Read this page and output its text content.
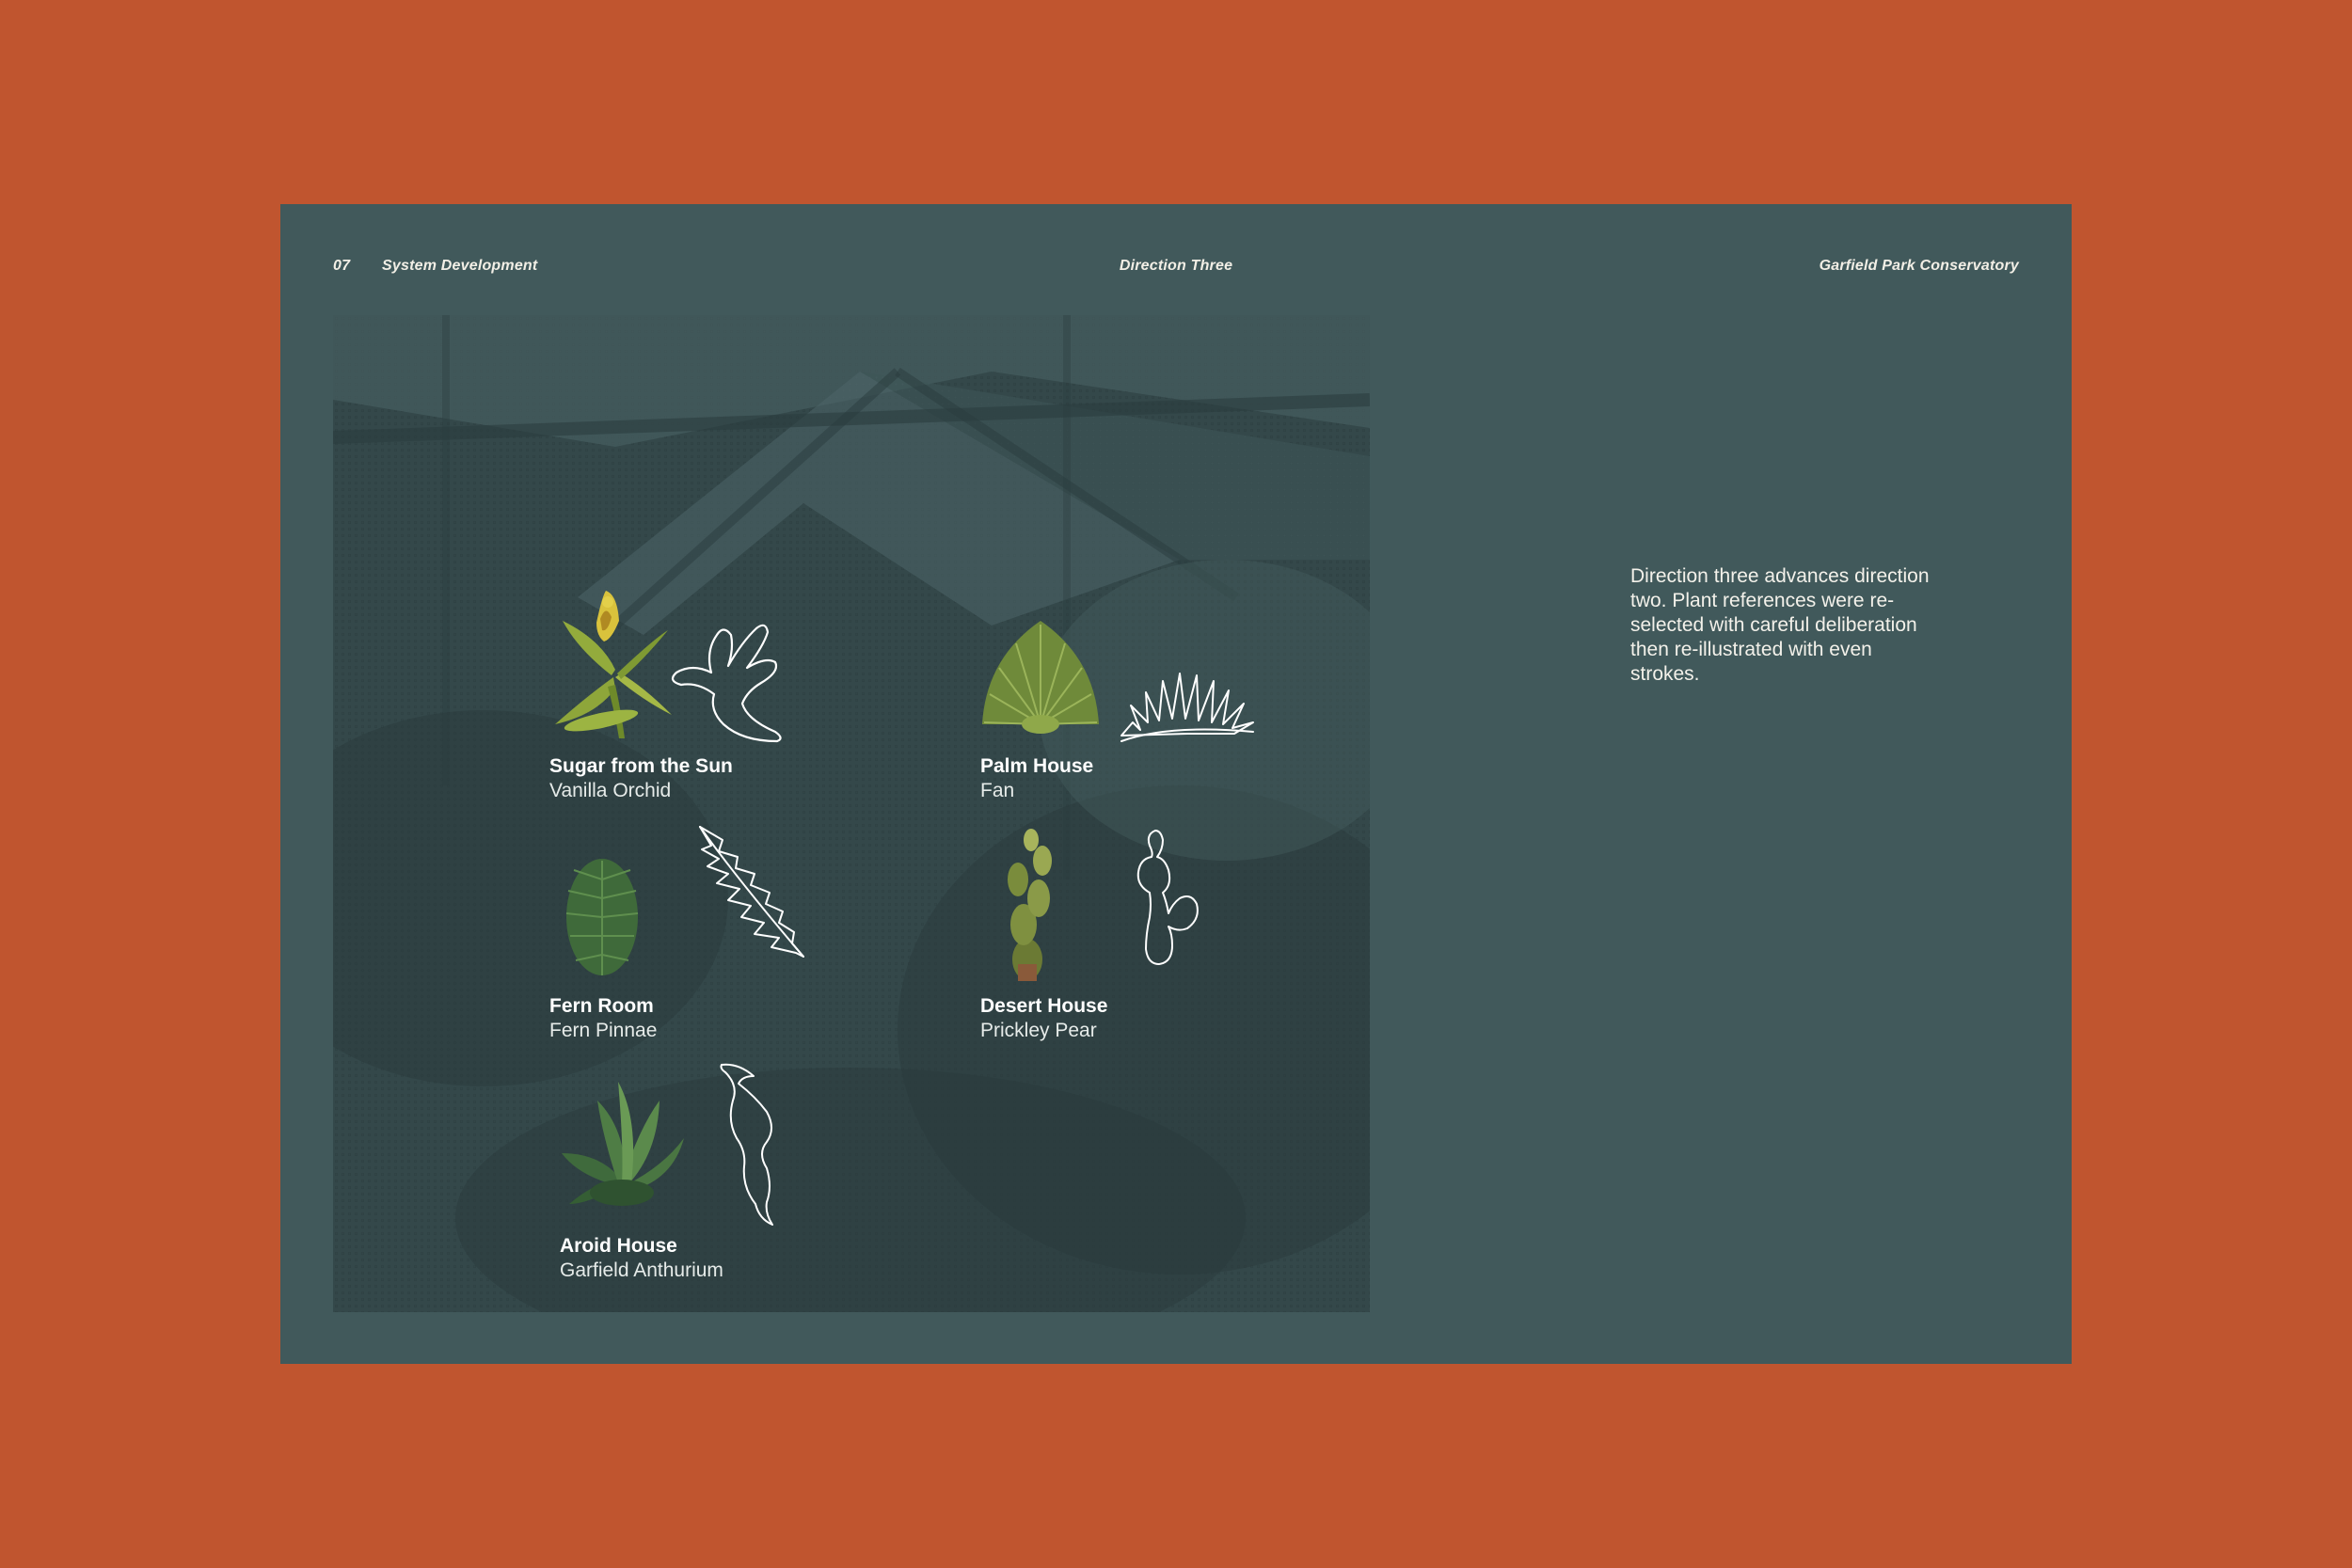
07 System Development	Direction Three	Garfield Park Conservatory
Sugar from the Sun
Vanilla Orchid
Palm House
Fan
Fern Room
Fern Pinnae
Desert House
Prickley Pear
Aroid House
Garfield Anthurium

Direction three advances direction two. Plant references were re-selected with careful deliberation then re-illustrated with even strokes.
